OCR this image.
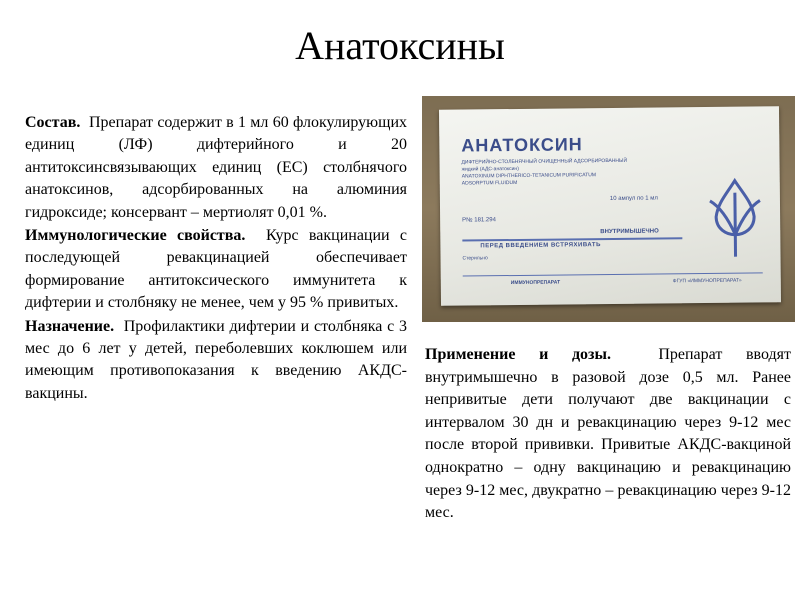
Анатоксины

Состав. Препарат содержит в 1 мл 60 флокулирующих единиц (ЛФ) дифтерийного и 20 антитоксинсвязывающих единиц (ЕС) столбнячого анатоксинов, адсорбированных на алюминия гидроксиде; консервант – мертиолят 0,01 %.

Иммунологические свойства. Курс вакцинации с последующей ревакцинацией обеспечивает формирование антитоксического иммунитета к дифтерии и столбняку не менее, чем у 95 % привитых.

Назначение. Профилактики дифтерии и столбняка с 3 мес до 6 лет у детей, переболевших коклюшем или имеющим противопоказания к введению АКДС-вакцины.

АНАТОКСИН
ДИФТЕРИЙНО-СТОЛБНЯЧНЫЙ ОЧИЩЕННЫЙ АДСОРБИРОВАННЫЙ
жидкий (АДС-анатоксин)
ANATOXINUM DIPHTHERICO-TETANICUM PURIFICATUM
ADSORPTUM FLUIDUM
10 ампул по 1 мл
Р№ 181.294
ВНУТРИМЫШЕЧНО
ПЕРЕД ВВЕДЕНИЕМ ВСТРЯХИВАТЬ
Стерильно
ИММУНОПРЕПАРАТ	ФГУП «ИММУНОПРЕПАРАТ»

Применение и дозы.	Препарат вводят внутримышечно в разовой дозе 0,5 мл. Ранее непривитые дети получают две вакцинации с интервалом 30 дн и ревакцинацию через 9-12 мес после второй прививки. Привитые АКДС-вакциной однократно – одну вакцинацию и ревакцинацию через 9-12 мес, двукратно – ревакцинацию через 9-12 мес.
